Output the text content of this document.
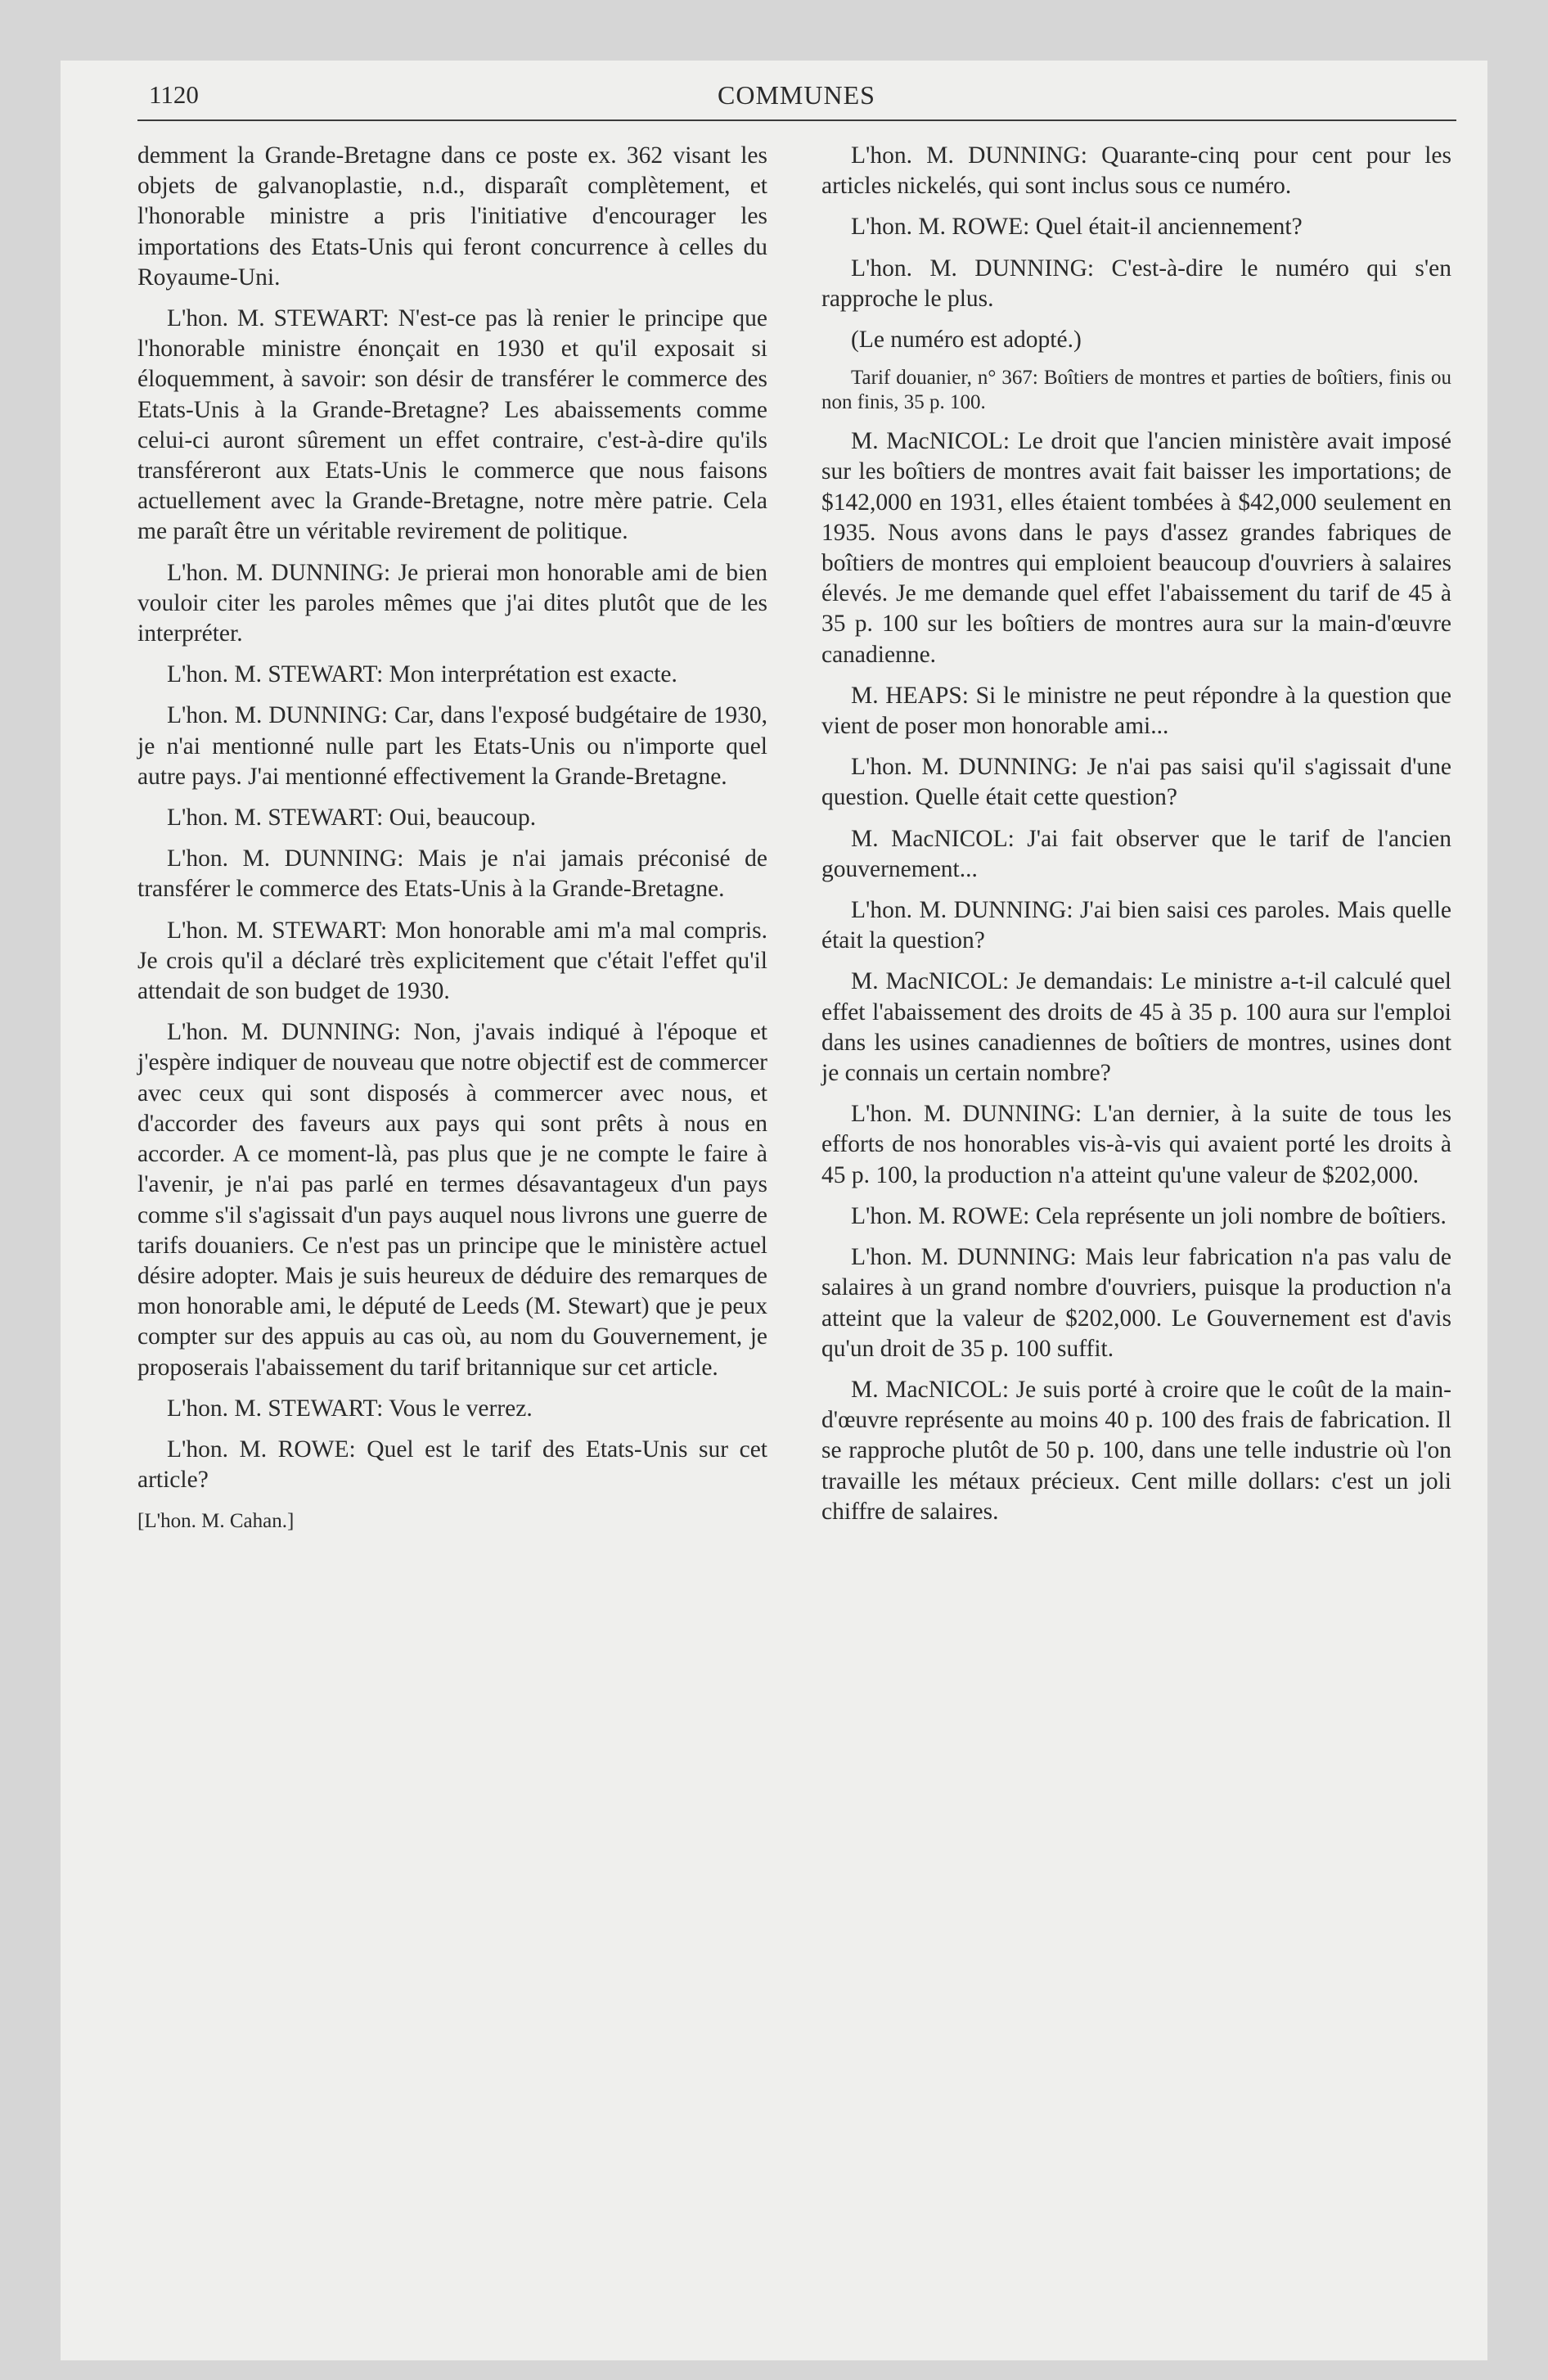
1120	COMMUNES

demment la Grande-Bretagne dans ce poste ex. 362 visant les objets de galvanoplastie, n.d., disparaît complètement, et l'honorable ministre a pris l'initiative d'encourager les importations des Etats-Unis qui feront concurrence à celles du Royaume-Uni.

L'hon. M. STEWART: N'est-ce pas là renier le principe que l'honorable ministre énonçait en 1930 et qu'il exposait si éloquemment, à savoir: son désir de transférer le commerce des Etats-Unis à la Grande-Bretagne? Les abaissements comme celui-ci auront sûrement un effet contraire, c'est-à-dire qu'ils transféreront aux Etats-Unis le commerce que nous faisons actuellement avec la Grande-Bretagne, notre mère patrie. Cela me paraît être un véritable revirement de politique.

L'hon. M. DUNNING: Je prierai mon honorable ami de bien vouloir citer les paroles mêmes que j'ai dites plutôt que de les interpréter.

L'hon. M. STEWART: Mon interprétation est exacte.

L'hon. M. DUNNING: Car, dans l'exposé budgétaire de 1930, je n'ai mentionné nulle part les Etats-Unis ou n'importe quel autre pays. J'ai mentionné effectivement la Grande-Bretagne.

L'hon. M. STEWART: Oui, beaucoup.

L'hon. M. DUNNING: Mais je n'ai jamais préconisé de transférer le commerce des Etats-Unis à la Grande-Bretagne.

L'hon. M. STEWART: Mon honorable ami m'a mal compris. Je crois qu'il a déclaré très explicitement que c'était l'effet qu'il attendait de son budget de 1930.

L'hon. M. DUNNING: Non, j'avais indiqué à l'époque et j'espère indiquer de nouveau que notre objectif est de commercer avec ceux qui sont disposés à commercer avec nous, et d'accorder des faveurs aux pays qui sont prêts à nous en accorder. A ce moment-là, pas plus que je ne compte le faire à l'avenir, je n'ai pas parlé en termes désavantageux d'un pays comme s'il s'agissait d'un pays auquel nous livrons une guerre de tarifs douaniers. Ce n'est pas un principe que le ministère actuel désire adopter. Mais je suis heureux de déduire des remarques de mon honorable ami, le député de Leeds (M. Stewart) que je peux compter sur des appuis au cas où, au nom du Gouvernement, je proposerais l'abaissement du tarif britannique sur cet article.

L'hon. M. STEWART: Vous le verrez.

L'hon. M. ROWE: Quel est le tarif des Etats-Unis sur cet article?

[L'hon. M. Cahan.]

L'hon. M. DUNNING: Quarante-cinq pour cent pour les articles nickelés, qui sont inclus sous ce numéro.

L'hon. M. ROWE: Quel était-il anciennement?

L'hon. M. DUNNING: C'est-à-dire le numéro qui s'en rapproche le plus.

(Le numéro est adopté.)

Tarif douanier, n° 367: Boîtiers de montres et parties de boîtiers, finis ou non finis, 35 p. 100.

M. MacNICOL: Le droit que l'ancien ministère avait imposé sur les boîtiers de montres avait fait baisser les importations; de $142,000 en 1931, elles étaient tombées à $42,000 seulement en 1935. Nous avons dans le pays d'assez grandes fabriques de boîtiers de montres qui emploient beaucoup d'ouvriers à salaires élevés. Je me demande quel effet l'abaissement du tarif de 45 à 35 p. 100 sur les boîtiers de montres aura sur la main-d'œuvre canadienne.

M. HEAPS: Si le ministre ne peut répondre à la question que vient de poser mon honorable ami...

L'hon. M. DUNNING: Je n'ai pas saisi qu'il s'agissait d'une question. Quelle était cette question?

M. MacNICOL: J'ai fait observer que le tarif de l'ancien gouvernement...

L'hon. M. DUNNING: J'ai bien saisi ces paroles. Mais quelle était la question?

M. MacNICOL: Je demandais: Le ministre a-t-il calculé quel effet l'abaissement des droits de 45 à 35 p. 100 aura sur l'emploi dans les usines canadiennes de boîtiers de montres, usines dont je connais un certain nombre?

L'hon. M. DUNNING: L'an dernier, à la suite de tous les efforts de nos honorables vis-à-vis qui avaient porté les droits à 45 p. 100, la production n'a atteint qu'une valeur de $202,000.

L'hon. M. ROWE: Cela représente un joli nombre de boîtiers.

L'hon. M. DUNNING: Mais leur fabrication n'a pas valu de salaires à un grand nombre d'ouvriers, puisque la production n'a atteint que la valeur de $202,000. Le Gouvernement est d'avis qu'un droit de 35 p. 100 suffit.

M. MacNICOL: Je suis porté à croire que le coût de la main-d'œuvre représente au moins 40 p. 100 des frais de fabrication. Il se rapproche plutôt de 50 p. 100, dans une telle industrie où l'on travaille les métaux précieux. Cent mille dollars: c'est un joli chiffre de salaires.
